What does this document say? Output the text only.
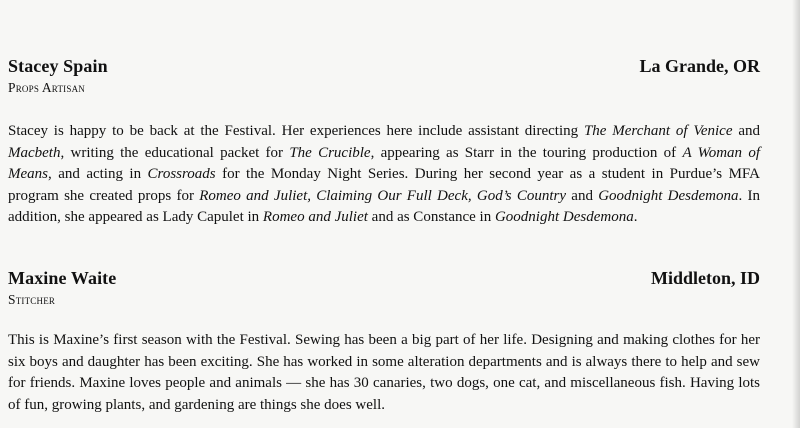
Stacey Spain	La Grande, OR
Props Artisan
Stacey is happy to be back at the Festival. Her experiences here include assistant directing The Merchant of Venice and Macbeth, writing the educational packet for The Crucible, appearing as Starr in the touring production of A Woman of Means, and acting in Crossroads for the Monday Night Series. During her second year as a student in Purdue’s MFA program she created props for Romeo and Juliet, Claiming Our Full Deck, God’s Country and Goodnight Desdemona. In addition, she appeared as Lady Capulet in Romeo and Juliet and as Constance in Goodnight Desdemona.
Maxine Waite	Middleton, ID
Stitcher
This is Maxine’s first season with the Festival. Sewing has been a big part of her life. Designing and making clothes for her six boys and daughter has been exciting. She has worked in some alteration departments and is always there to help and sew for friends. Maxine loves people and animals — she has 30 canaries, two dogs, one cat, and miscellaneous fish. Having lots of fun, growing plants, and gardening are things she does well.
